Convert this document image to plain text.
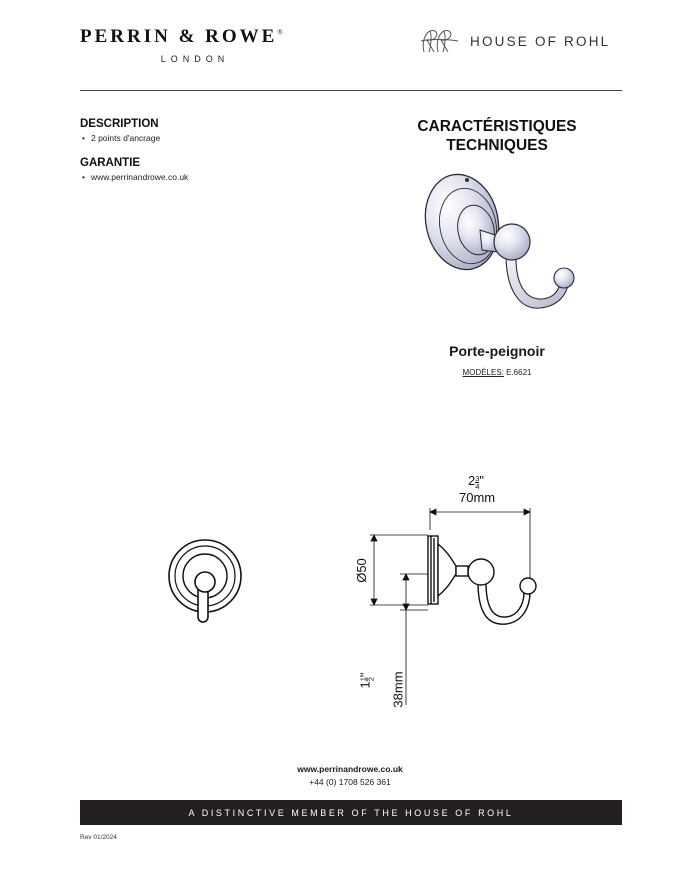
PERRIN & ROWE®
LONDON
HOUSE OF ROHL
DESCRIPTION
• 2 points d'ancrage
GARANTIE
• www.perrinandrowe.co.uk
CARACTÉRISTIQUES
TECHNIQUES
Porte-peignoir
MODÈLES: E.6621
$2 \frac{3}{4}$ "
70mm
Ø50
1
1 2
" 38mm
www.perrinandrowe.co.uk
+44 (0) 1708 526 361
A DISTINCTIVE MEMBER OF THE HOUSE OF ROHL
Rev 01/2024
